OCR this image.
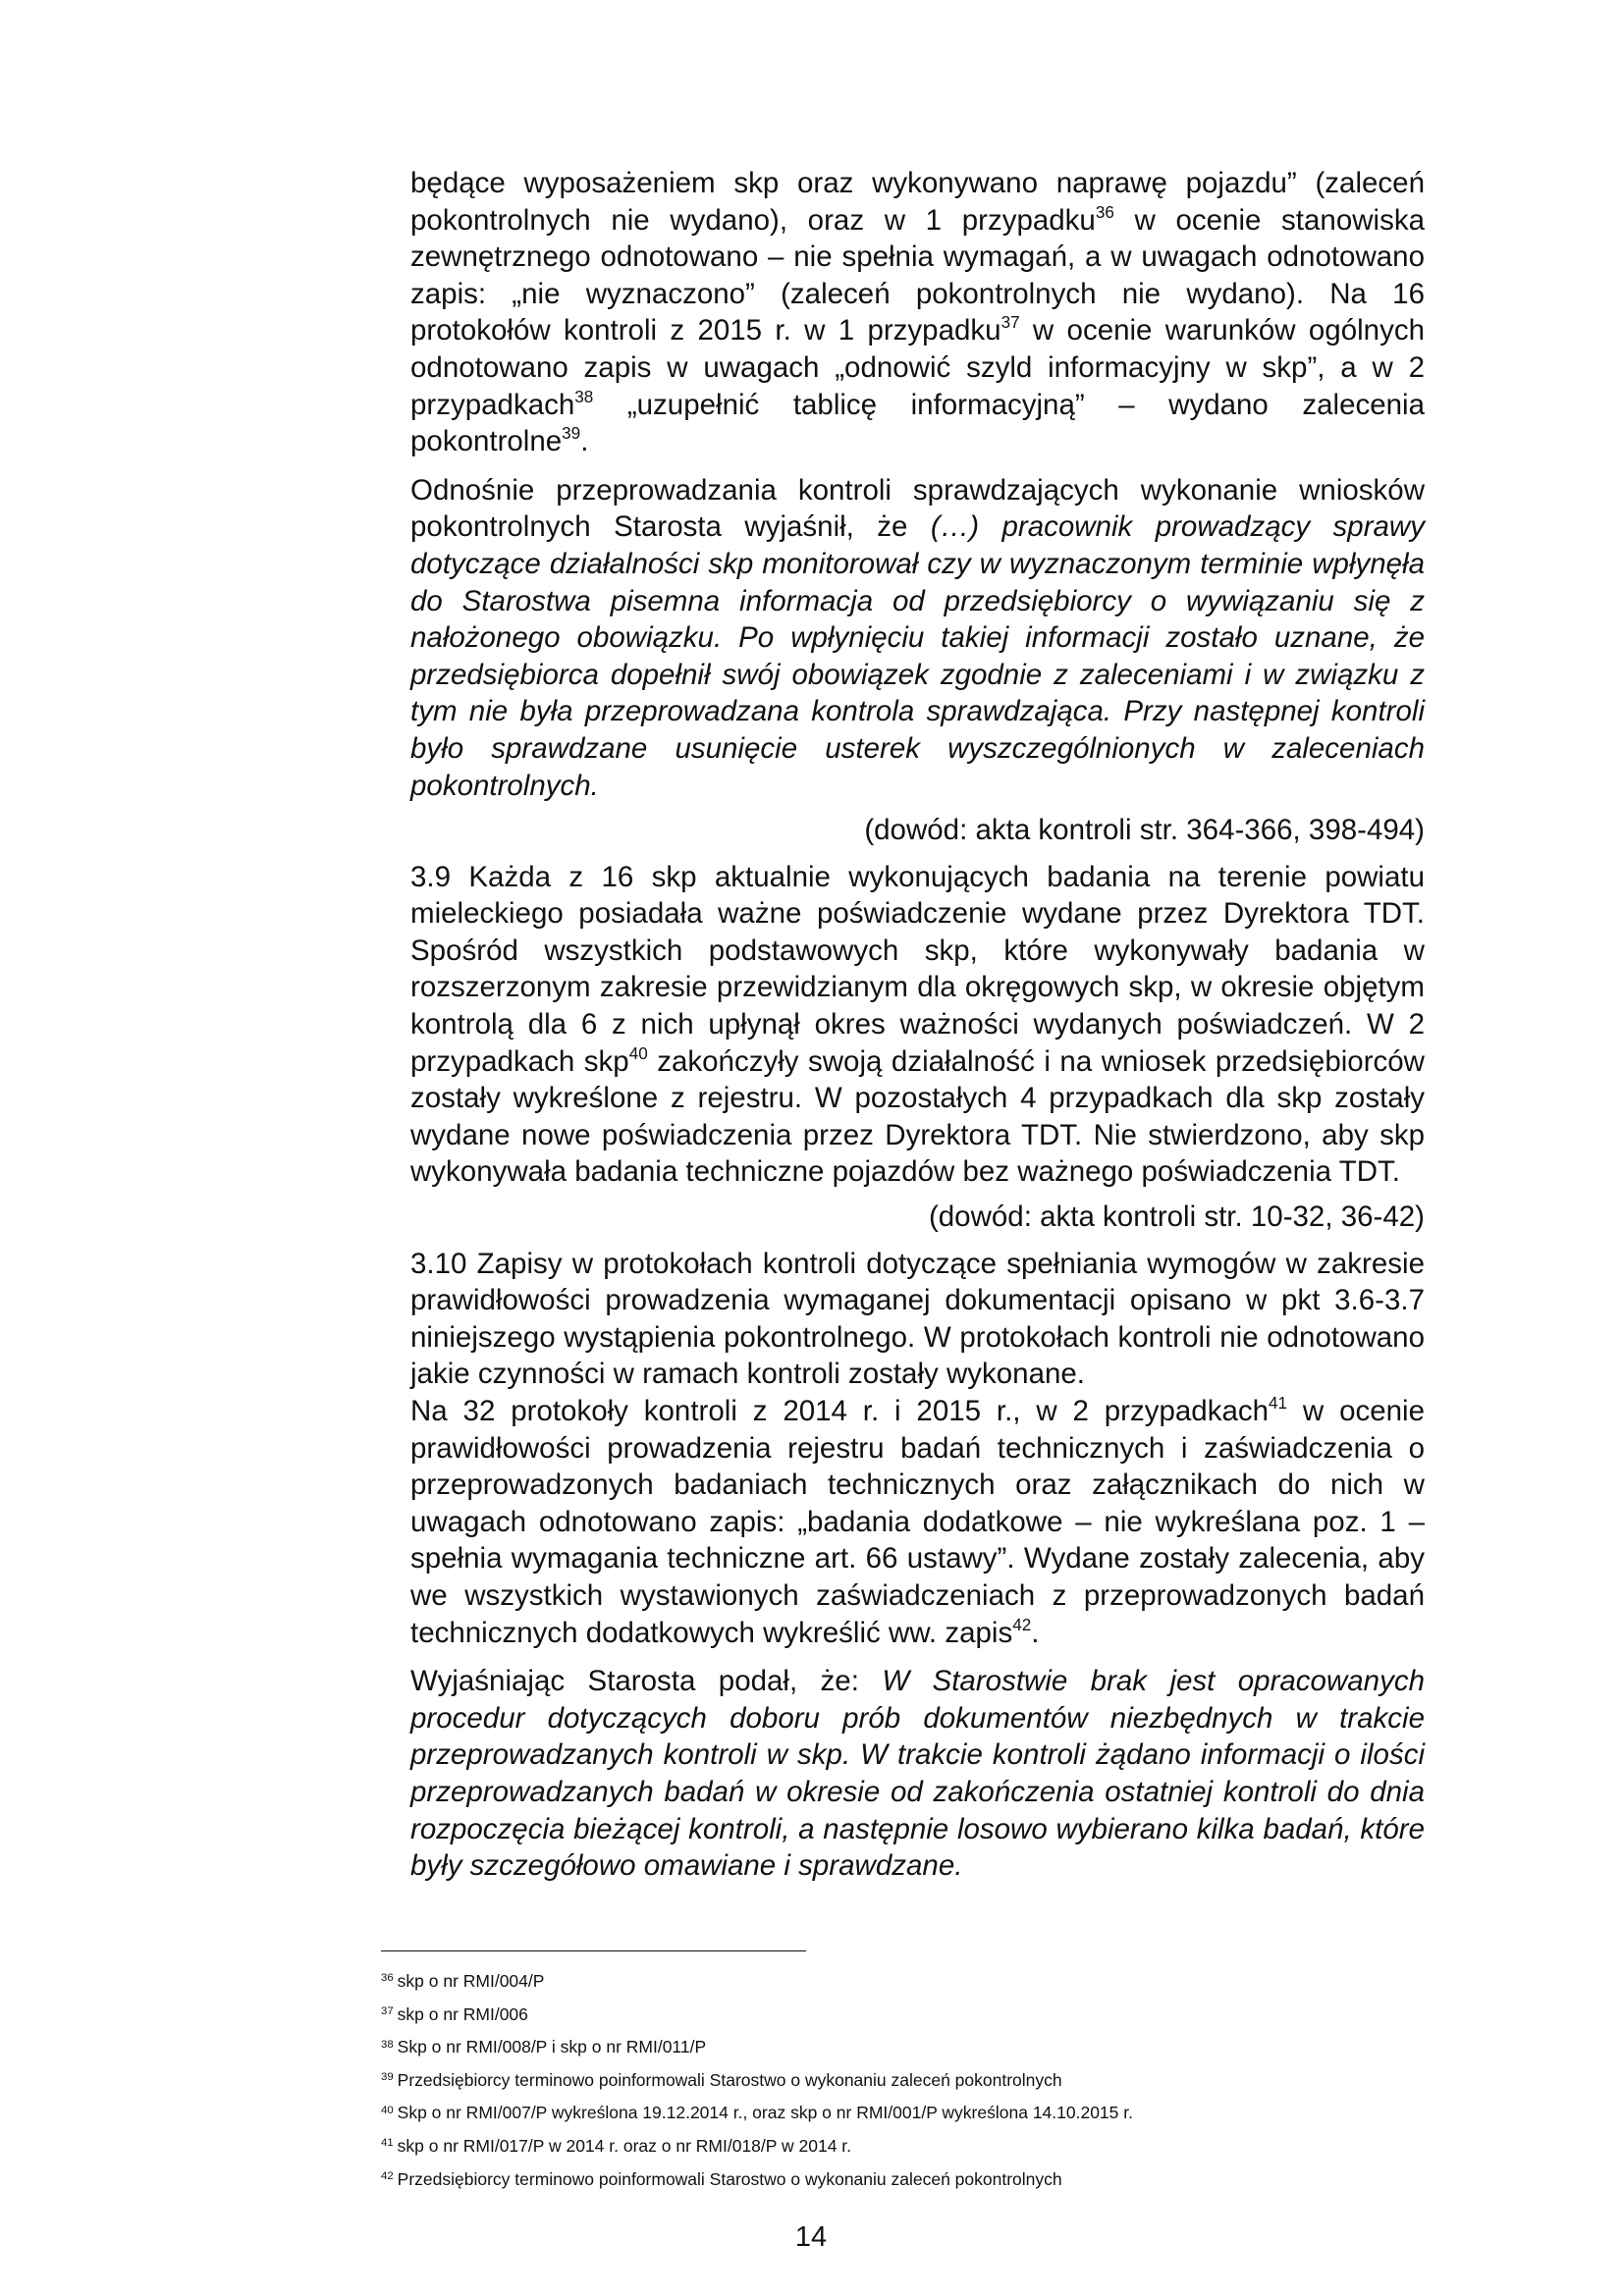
będące wyposażeniem skp oraz wykonywano naprawę pojazdu” (zaleceń pokontrolnych nie wydano), oraz w 1 przypadku$^{36}$ w ocenie stanowiska zewnętrznego odnotowano – nie spełnia wymagań, a w uwagach odnotowano zapis: „nie wyznaczono” (zaleceń pokontrolnych nie wydano). Na 16 protokołów kontroli z 2015 r. w 1 przypadku$^{37}$ w ocenie warunków ogólnych odnotowano zapis w uwagach „odnowić szyld informacyjny w skp”, a w 2 przypadkach$^{38}$ „uzupełnić tablicę informacyjną” – wydano zalecenia pokontrolne$^{39}$.

Odnośnie przeprowadzania kontroli sprawdzających wykonanie wniosków pokontrolnych Starosta wyjaśnił, że (…) pracownik prowadzący sprawy dotyczące działalności skp monitorował czy w wyznaczonym terminie wpłynęła do Starostwa pisemna informacja od przedsiębiorcy o wywiązaniu się z nałożonego obowiązku. Po wpłynięciu takiej informacji zostało uznane, że przedsiębiorca dopełnił swój obowiązek zgodnie z zaleceniami i w związku z tym nie była przeprowadzana kontrola sprawdzająca. Przy następnej kontroli było sprawdzane usunięcie usterek wyszczególnionych w zaleceniach pokontrolnych.

(dowód: akta kontroli str. 364-366, 398-494)

3.9 Każda z 16 skp aktualnie wykonujących badania na terenie powiatu mieleckiego posiadała ważne poświadczenie wydane przez Dyrektora TDT. Spośród wszystkich podstawowych skp, które wykonywały badania w rozszerzonym zakresie przewidzianym dla okręgowych skp, w okresie objętym kontrolą dla 6 z nich upłynął okres ważności wydanych poświadczeń. W 2 przypadkach skp$^{40}$ zakończyły swoją działalność i na wniosek przedsiębiorców zostały wykreślone z rejestru. W pozostałych 4 przypadkach dla skp zostały wydane nowe poświadczenia przez Dyrektora TDT. Nie stwierdzono, aby skp wykonywała badania techniczne pojazdów bez ważnego poświadczenia TDT.

(dowód: akta kontroli str. 10-32, 36-42)

3.10 Zapisy w protokołach kontroli dotyczące spełniania wymogów w zakresie prawidłowości prowadzenia wymaganej dokumentacji opisano w pkt 3.6-3.7 niniejszego wystąpienia pokontrolnego. W protokołach kontroli nie odnotowano jakie czynności w ramach kontroli zostały wykonane.

Na 32 protokoły kontroli z 2014 r. i 2015 r., w 2 przypadkach$^{41}$ w ocenie prawidłowości prowadzenia rejestru badań technicznych i zaświadczenia o przeprowadzonych badaniach technicznych oraz załącznikach do nich w uwagach odnotowano zapis: „badania dodatkowe – nie wykreślana poz. 1 – spełnia wymagania techniczne art. 66 ustawy”. Wydane zostały zalecenia, aby we wszystkich wystawionych zaświadczeniach z przeprowadzonych badań technicznych dodatkowych wykreślić ww. zapis$^{42}$.

Wyjaśniając Starosta podał, że: W Starostwie brak jest opracowanych procedur dotyczących doboru prób dokumentów niezbędnych w trakcie przeprowadzanych kontroli w skp. W trakcie kontroli żądano informacji o ilości przeprowadzanych badań w okresie od zakończenia ostatniej kontroli do dnia rozpoczęcia bieżącej kontroli, a następnie losowo wybierano kilka badań, które były szczegółowo omawiane i sprawdzane.

$^{36}$ skp o nr RMI/004/P

$^{37}$ skp o nr RMI/006

$^{38}$ Skp o nr RMI/008/P i skp o nr RMI/011/P

$^{39}$ Przedsiębiorcy terminowo poinformowali Starostwo o wykonaniu zaleceń pokontrolnych

$^{40}$ Skp o nr RMI/007/P wykreślona 19.12.2014 r., oraz skp o nr RMI/001/P wykreślona 14.10.2015 r.

$^{41}$ skp o nr RMI/017/P w 2014 r. oraz o nr RMI/018/P w 2014 r.

$^{42}$ Przedsiębiorcy terminowo poinformowali Starostwo o wykonaniu zaleceń pokontrolnych

14
